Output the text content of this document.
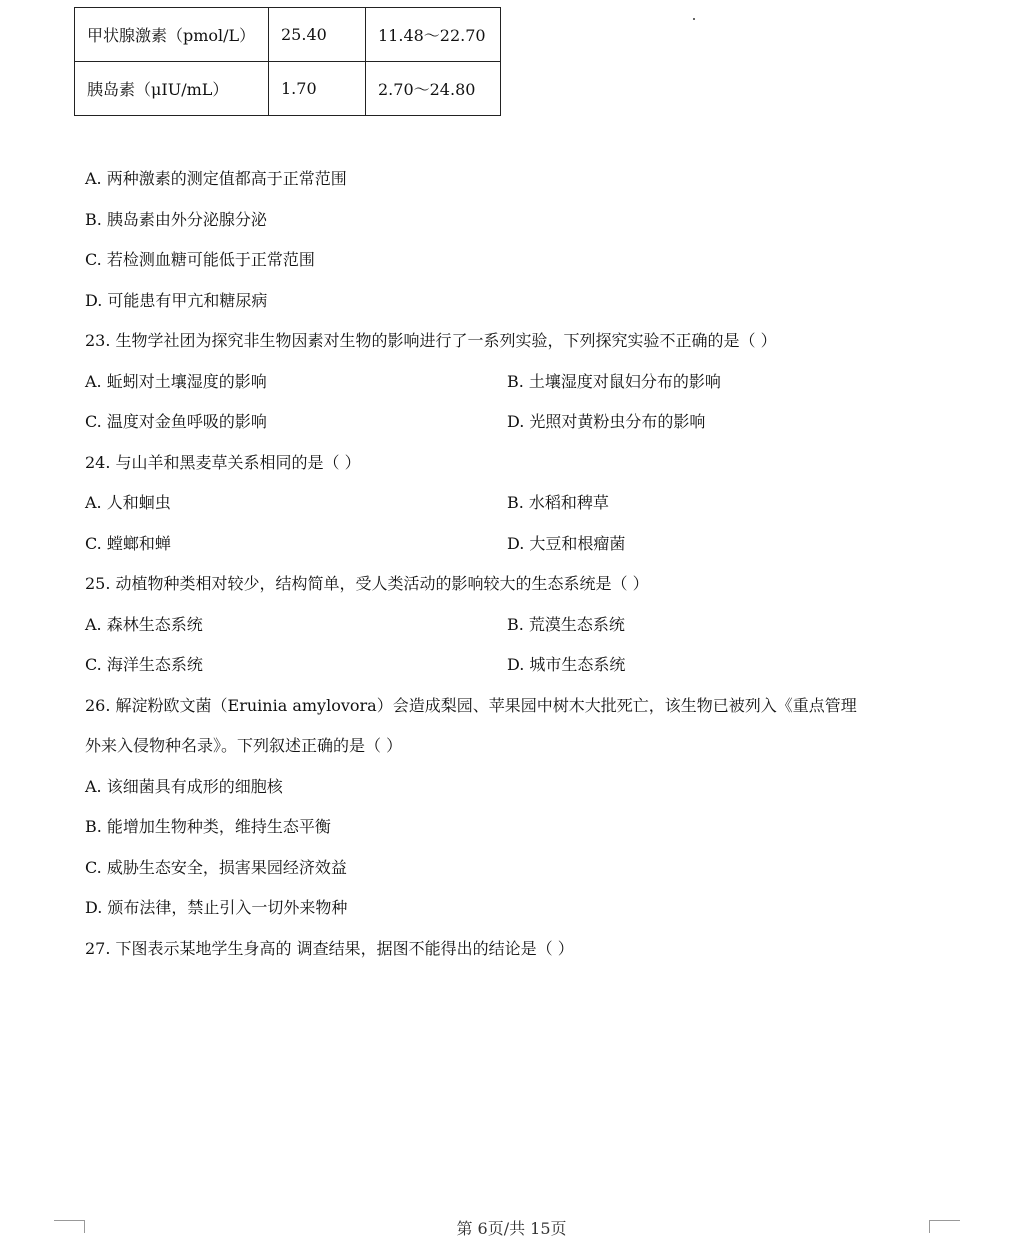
甲状腺激素（pmol/L）	25.40	11.48～22.70
胰岛素（μIU/mL）	1.70	2.70～24.80
A. 两种激素的测定值都高于正常范围
B. 胰岛素由外分泌腺分泌
C. 若检测血糖可能低于正常范围
D. 可能患有甲亢和糖尿病
23. 生物学社团为探究非生物因素对生物的影响进行了一系列实验，下列探究实验不正确的是（ ）
A. 蚯蚓对土壤湿度的影响	B. 土壤湿度对鼠妇分布的影响
C. 温度对金鱼呼吸的影响	D. 光照对黄粉虫分布的影响
24. 与山羊和黑麦草关系相同的是（ ）
A. 人和蛔虫	B. 水稻和稗草
C. 螳螂和蝉	D. 大豆和根瘤菌
25. 动植物种类相对较少，结构简单，受人类活动的影响较大的生态系统是（ ）
A. 森林生态系统	B. 荒漠生态系统
C. 海洋生态系统	D. 城市生态系统
26. 解淀粉欧文菌（Eruinia amylovora）会造成梨园、苹果园中树木大批死亡，该生物已被列入《重点管理
外来入侵物种名录》。下列叙述正确的是（ ）
A. 该细菌具有成形的细胞核
B. 能增加生物种类，维持生态平衡
C. 威胁生态安全，损害果园经济效益
D. 颁布法律，禁止引入一切外来物种
27. 下图表示某地学生身高的 调查结果，据图不能得出的结论是（ ）
第 6页/共 15页
